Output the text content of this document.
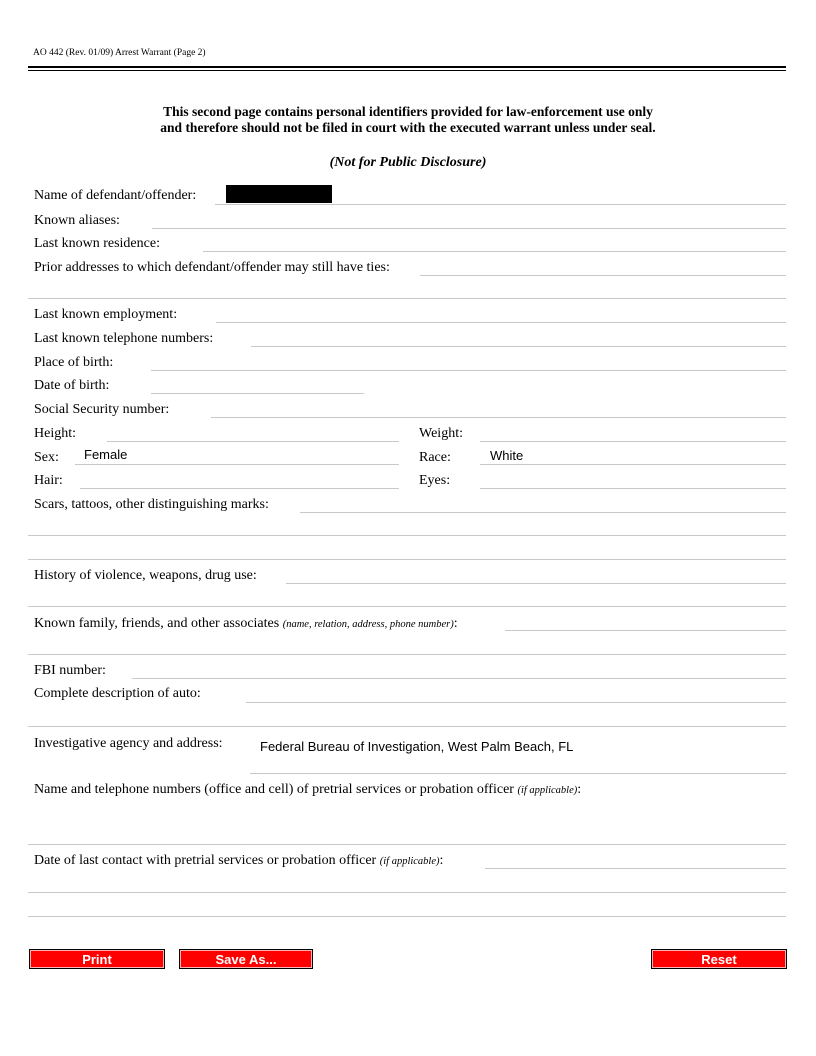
AO 442 (Rev. 01/09) Arrest Warrant (Page 2)
This second page contains personal identifiers provided for law-enforcement use only
and therefore should not be filed in court with the executed warrant unless under seal.
(Not for Public Disclosure)
Name of defendant/offender:
Known aliases:
Last known residence:
Prior addresses to which defendant/offender may still have ties:
Last known employment:
Last known telephone numbers:
Place of birth:
Date of birth:
Social Security number:
Height:	Weight:
Sex: Female	Race:	White
Hair:	Eyes:
Scars, tattoos, other distinguishing marks:
History of violence, weapons, drug use:
Known family, friends, and other associates (name, relation, address, phone number):
FBI number:
Complete description of auto:
Investigative agency and address:	Federal Bureau of Investigation, West Palm Beach, FL
Name and telephone numbers (office and cell) of pretrial services or probation officer (if applicable):
Date of last contact with pretrial services or probation officer (if applicable):
Print	Save As...	Reset
